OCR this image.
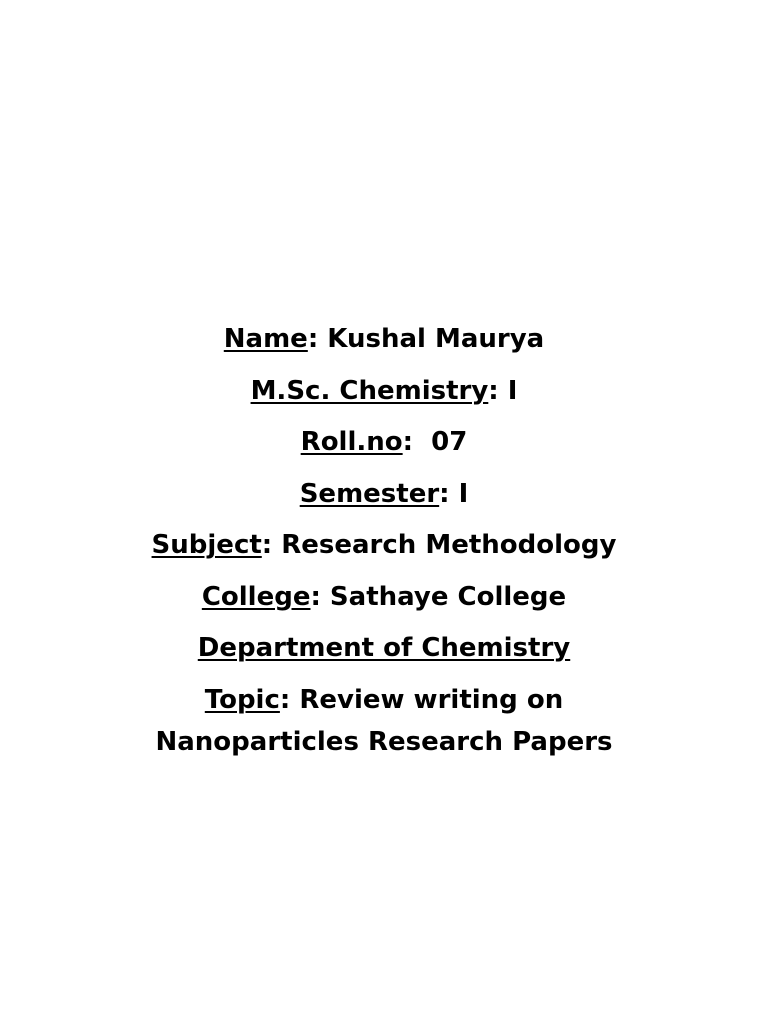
Name: Kushal Maurya
M.Sc. Chemistry: I
Roll.no:  07
Semester: I
Subject: Research Methodology
College: Sathaye College
Department of Chemistry
Topic: Review writing on Nanoparticles Research Papers
